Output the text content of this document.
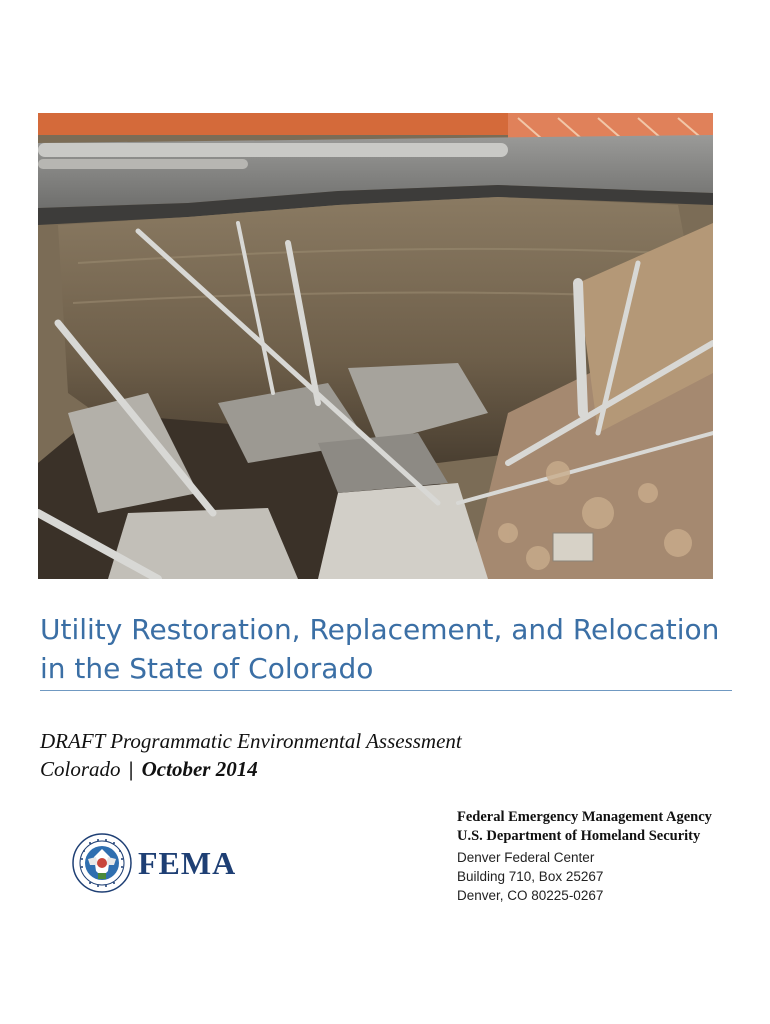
Utility Restoration, Replacement, and Relocation
in the State of Colorado
DRAFT Programmatic Environmental Assessment
Colorado | October 2014
FEMA
Federal Emergency Management Agency
U.S. Department of Homeland Security
Denver Federal Center
Building 710, Box 25267
Denver, CO 80225-0267
